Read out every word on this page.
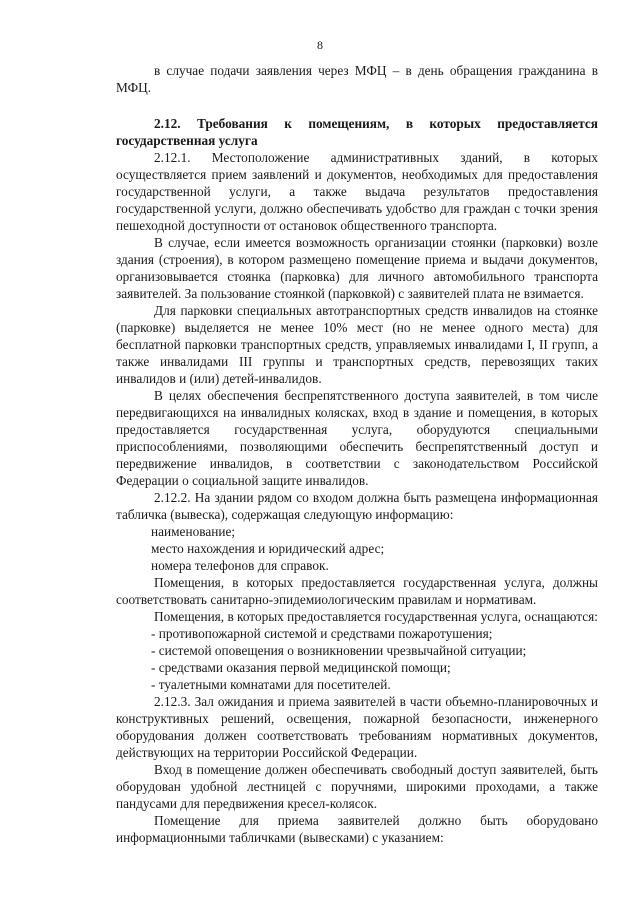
8

в случае подачи заявления через МФЦ – в день обращения гражданина в

МФЦ.

2.12. Требования к помещениям, в которых предоставляется государственная услуга

2.12.1. Местоположение административных зданий, в которых осуществляется прием заявлений и документов, необходимых для предоставления государственной услуги, а также выдача результатов предоставления государственной услуги, должно обеспечивать удобство для граждан с точки зрения пешеходной доступности от остановок общественного транспорта.

В случае, если имеется возможность организации стоянки (парковки) возле здания (строения), в котором размещено помещение приема и выдачи документов, организовывается стоянка (парковка) для личного автомобильного транспорта заявителей. За пользование стоянкой (парковкой) с заявителей плата не взимается.

Для парковки специальных автотранспортных средств инвалидов на стоянке (парковке) выделяется не менее 10% мест (но не менее одного места) для бесплатной парковки транспортных средств, управляемых инвалидами I, II групп, а также инвалидами III группы и транспортных средств, перевозящих таких инвалидов и (или) детей-инвалидов.

В целях обеспечения беспрепятственного доступа заявителей, в том числе передвигающихся на инвалидных колясках, вход в здание и помещения, в которых предоставляется государственная услуга, оборудуются специальными приспособлениями, позволяющими обеспечить беспрепятственный доступ и передвижение инвалидов, в соответствии с законодательством Российской Федерации о социальной защите инвалидов.

2.12.2. На здании рядом со входом должна быть размещена информационная табличка (вывеска), содержащая следующую информацию:

наименование;

место нахождения и юридический адрес;

номера телефонов для справок.

Помещения, в которых предоставляется государственная услуга, должны соответствовать санитарно-эпидемиологическим правилам и нормативам.

Помещения, в которых предоставляется государственная услуга, оснащаются:

- противопожарной системой и средствами пожаротушения;

- системой оповещения о возникновении чрезвычайной ситуации;

- средствами оказания первой медицинской помощи;

- туалетными комнатами для посетителей.

2.12.3. Зал ожидания и приема заявителей в части объемно-планировочных и конструктивных решений, освещения, пожарной безопасности, инженерного оборудования должен соответствовать требованиям нормативных документов, действующих на территории Российской Федерации.

Вход в помещение должен обеспечивать свободный доступ заявителей, быть оборудован удобной лестницей с поручнями, широкими проходами, а также пандусами для передвижения кресел-колясок.

Помещение для приема заявителей должно быть оборудовано информационными табличками (вывесками) с указанием:
